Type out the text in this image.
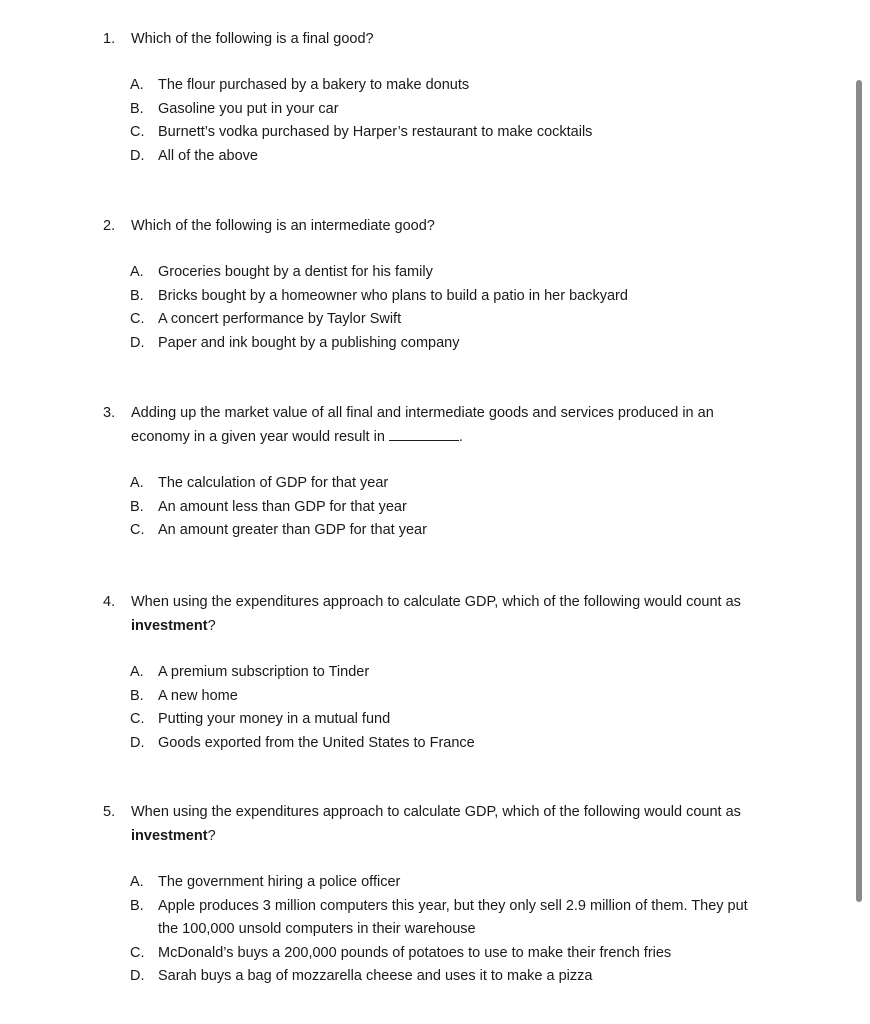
1. Which of the following is a final good?
A. The flour purchased by a bakery to make donuts
B. Gasoline you put in your car
C. Burnett’s vodka purchased by Harper’s restaurant to make cocktails
D. All of the above
2. Which of the following is an intermediate good?
A. Groceries bought by a dentist for his family
B. Bricks bought by a homeowner who plans to build a patio in her backyard
C. A concert performance by Taylor Swift
D. Paper and ink bought by a publishing company
3. Adding up the market value of all final and intermediate goods and services produced in an
economy in a given year would result in	.
A. The calculation of GDP for that year
B. An amount less than GDP for that year
C. An amount greater than GDP for that year
4. When using the expenditures approach to calculate GDP, which of the following would count as
investment?
A. A premium subscription to Tinder
B. A new home
C. Putting your money in a mutual fund
D. Goods exported from the United States to France
5. When using the expenditures approach to calculate GDP, which of the following would count as
investment?
A. The government hiring a police officer
B. Apple produces 3 million computers this year, but they only sell 2.9 million of them. They put
the 100,000 unsold computers in their warehouse
C. McDonald’s buys a 200,000 pounds of potatoes to use to make their french fries
D. Sarah buys a bag of mozzarella cheese and uses it to make a pizza
